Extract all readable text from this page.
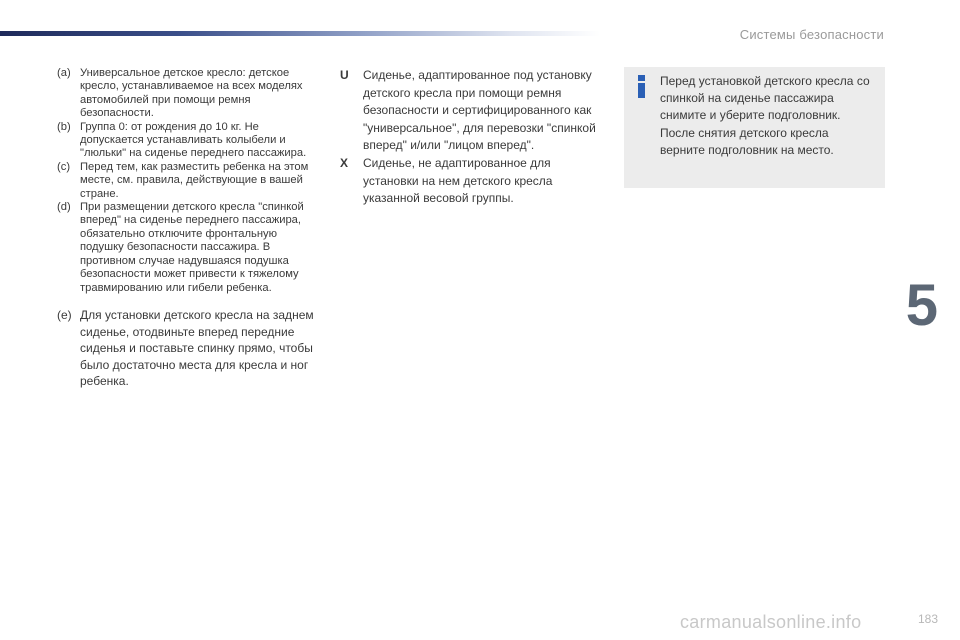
Системы безопасности
5
(a) Универсальное детское кресло: детское кресло, устанавливаемое на всех моделях автомобилей при помощи ремня безопасности.
(b) Группа 0: от рождения до 10 кг. Не допускается устанавливать колыбели и "люльки" на сиденье переднего пассажира.
(c) Перед тем, как разместить ребенка на этом месте, см. правила, действующие в вашей стране.
(d) При размещении детского кресла "спинкой вперед" на сиденье переднего пассажира, обязательно отключите фронтальную подушку безопасности пассажира. В противном случае надувшаяся подушка безопасности может привести к тяжелому травмированию или гибели ребенка.
(e) Для установки детского кресла на заднем сиденье, отодвиньте вперед передние сиденья и поставьте спинку прямо, чтобы было достаточно места для кресла и ног ребенка.
U	Сиденье, адаптированное под установку детского кресла при помощи ремня безопасности и сертифицированного как "универсальное", для перевозки "спинкой вперед" и/или "лицом вперед".
X	Сиденье, не адаптированное для установки на нем детского кресла указанной весовой группы.
Перед установкой детского кресла со спинкой на сиденье пассажира снимите и уберите подголовник. После снятия детского кресла верните подголовник на место.
183
carmanualsonline.info
